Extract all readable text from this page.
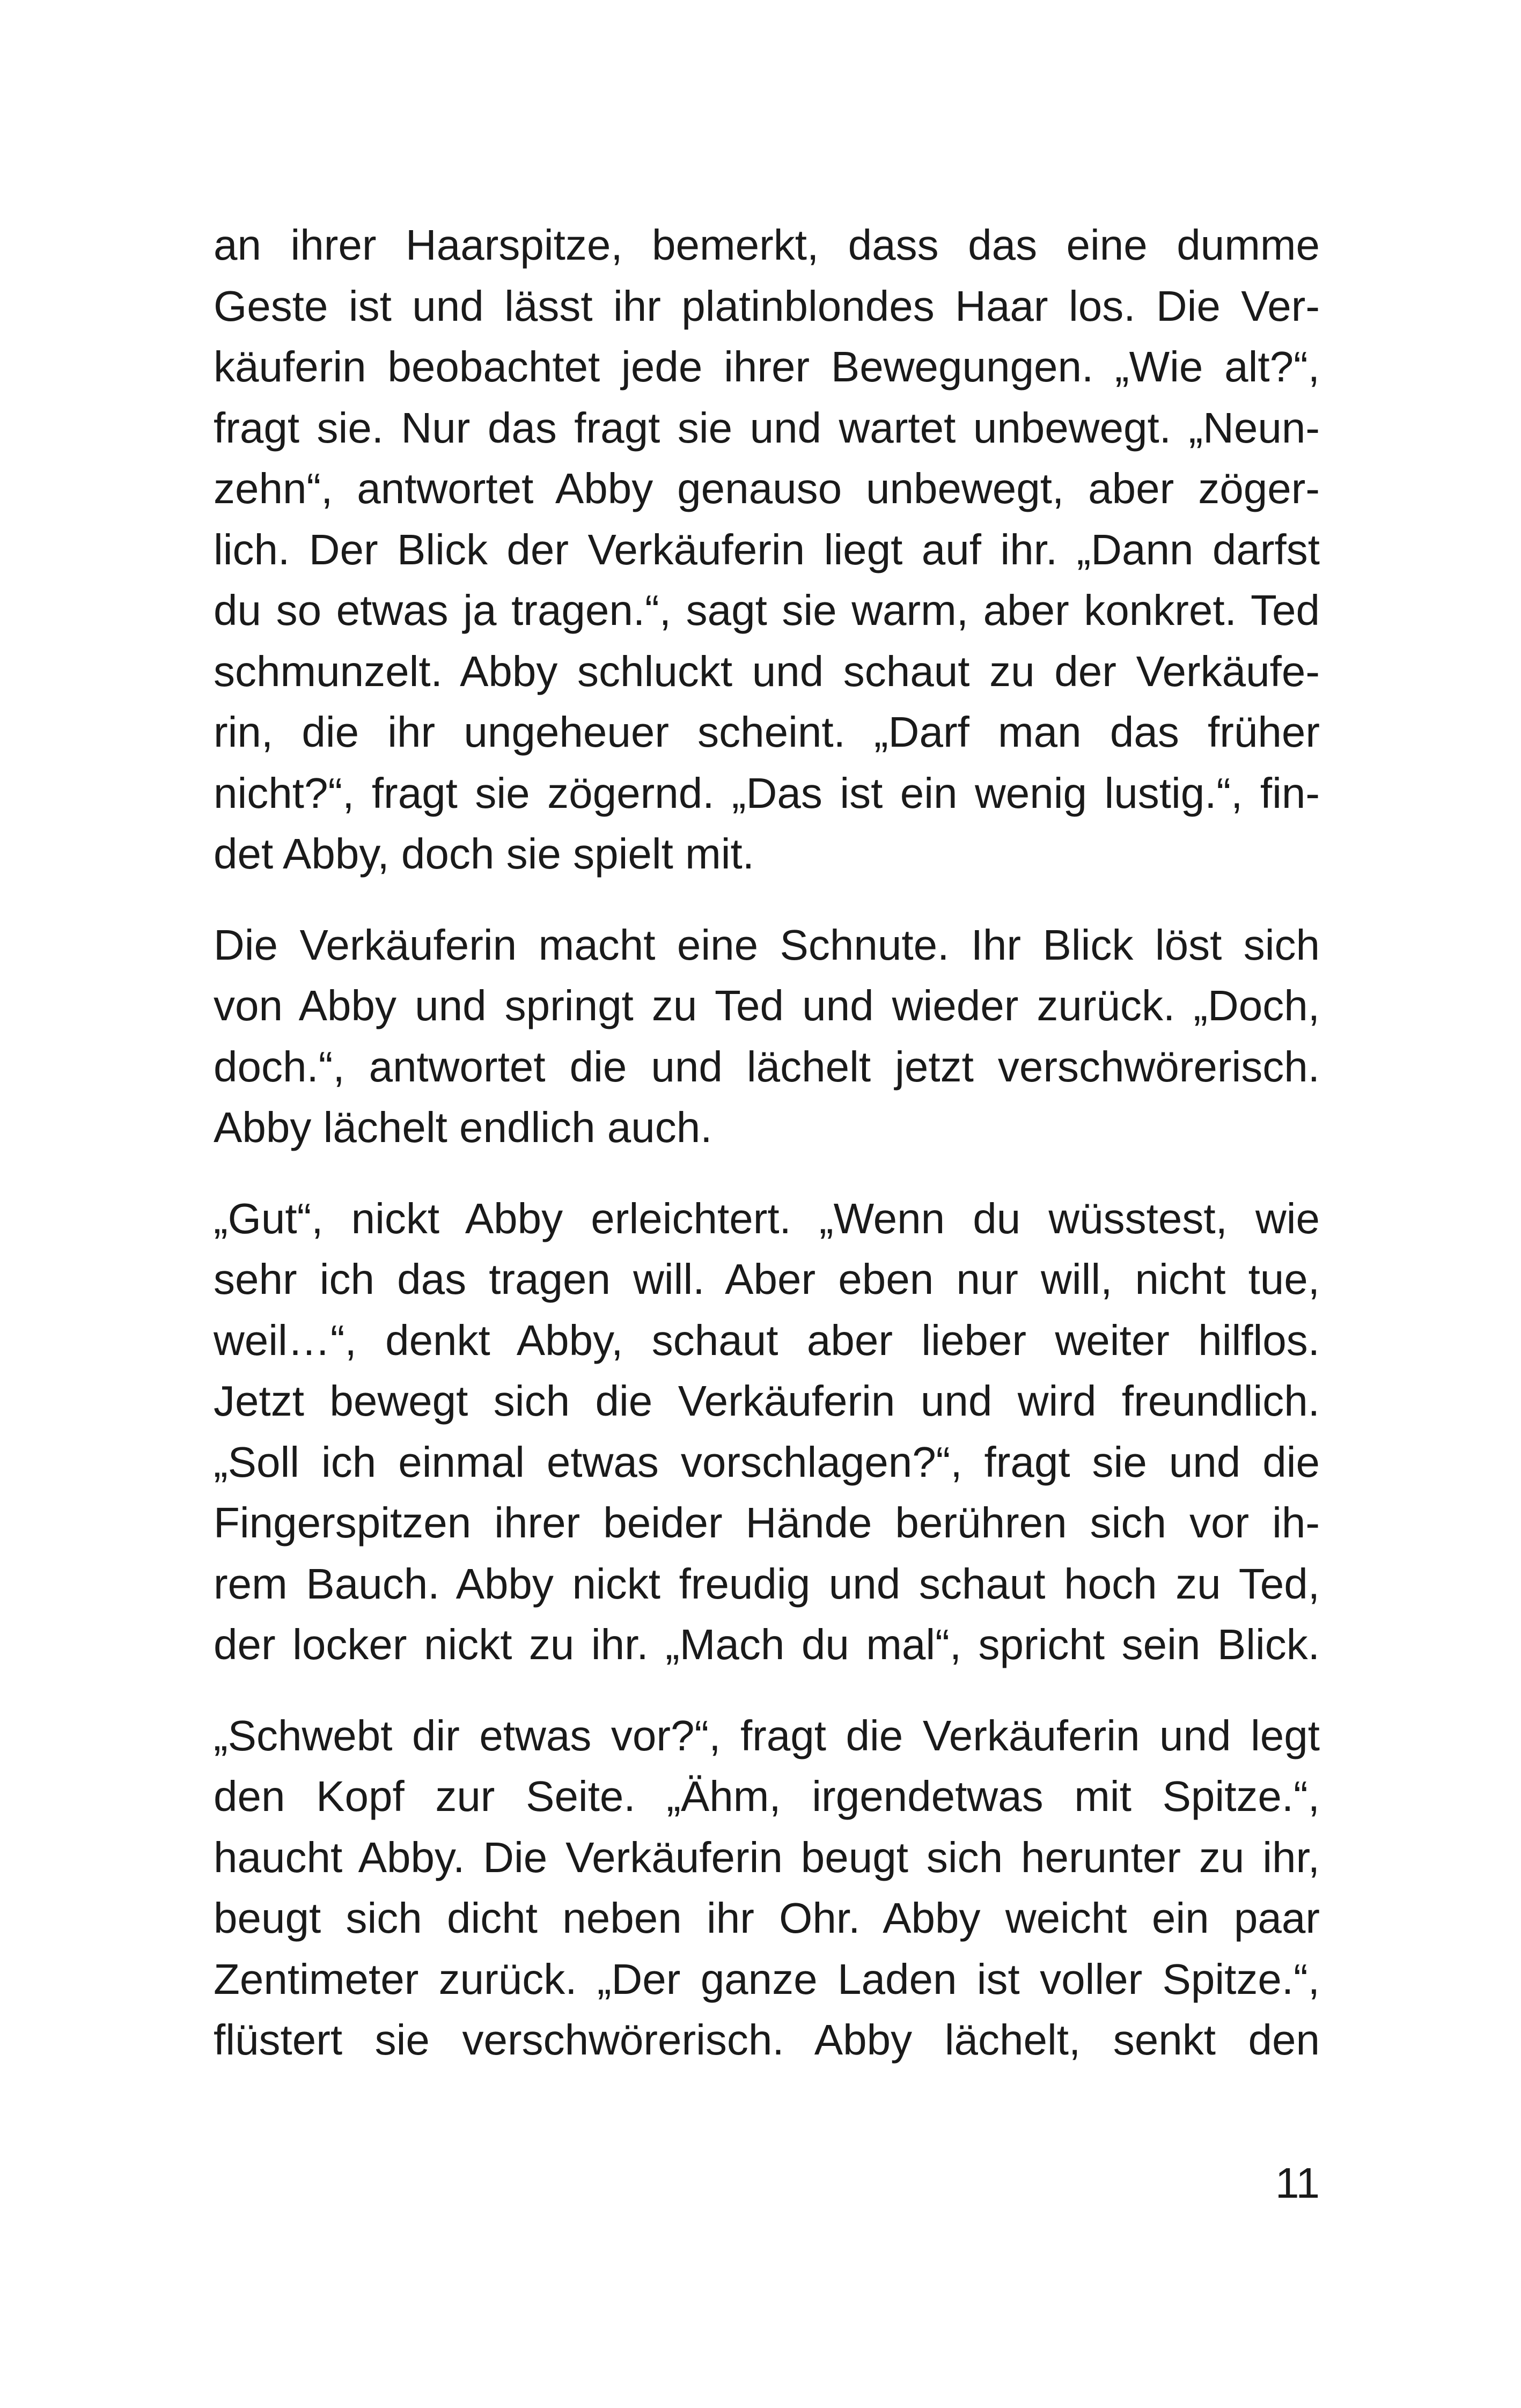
an ihrer Haarspitze, bemerkt, dass das eine dumme
Geste ist und lässt ihr platinblondes Haar los. Die Ver-
käuferin beobachtet jede ihrer Bewegungen. „Wie alt?“,
fragt sie. Nur das fragt sie und wartet unbewegt. „Neun-
zehn“, antwortet Abby genauso unbewegt, aber zöger-
lich. Der Blick der Verkäuferin liegt auf ihr. „Dann darfst
du so etwas ja tragen.“, sagt sie warm, aber konkret. Ted
schmunzelt. Abby schluckt und schaut zu der Verkäufe-
rin, die ihr ungeheuer scheint. „Darf man das früher
nicht?“, fragt sie zögernd. „Das ist ein wenig lustig.“, fin-
det Abby, doch sie spielt mit.
Die Verkäuferin macht eine Schnute. Ihr Blick löst sich
von Abby und springt zu Ted und wieder zurück. „Doch,
doch.“, antwortet die und lächelt jetzt verschwörerisch.
Abby lächelt endlich auch.
„Gut“, nickt Abby erleichtert. „Wenn du wüsstest, wie
sehr ich das tragen will. Aber eben nur will, nicht tue,
weil…“, denkt Abby, schaut aber lieber weiter hilflos.
Jetzt bewegt sich die Verkäuferin und wird freundlich.
„Soll ich einmal etwas vorschlagen?“, fragt sie und die
Fingerspitzen ihrer beider Hände berühren sich vor ih-
rem Bauch. Abby nickt freudig und schaut hoch zu Ted,
der locker nickt zu ihr. „Mach du mal“, spricht sein Blick.
„Schwebt dir etwas vor?“, fragt die Verkäuferin und legt
den Kopf zur Seite. „Ähm, irgendetwas mit Spitze.“,
haucht Abby. Die Verkäuferin beugt sich herunter zu ihr,
beugt sich dicht neben ihr Ohr. Abby weicht ein paar
Zentimeter zurück. „Der ganze Laden ist voller Spitze.“,
flüstert sie verschwörerisch. Abby lächelt, senkt den
11
